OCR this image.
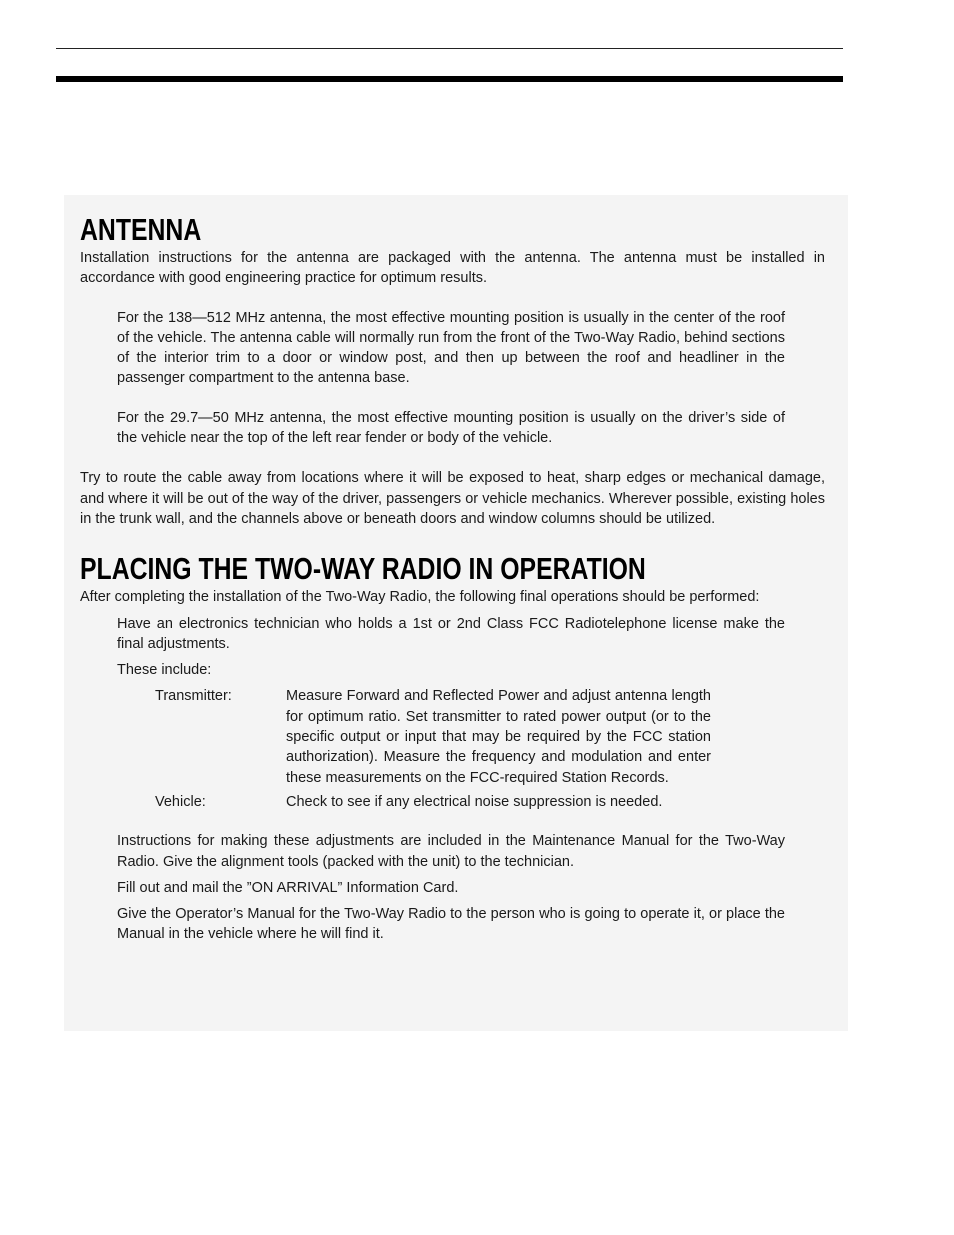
ANTENNA

Installation instructions for the antenna are packaged with the antenna. The antenna must be installed in accordance with good engineering practice for optimum results.

For the 138—512 MHz antenna, the most effective mounting position is usually in the center of the roof of the vehicle. The antenna cable will normally run from the front of the Two-Way Radio, behind sections of the interior trim to a door or window post, and then up between the roof and headliner in the passenger compartment to the antenna base.

For the 29.7—50 MHz antenna, the most effective mounting position is usually on the driver’s side of the vehicle near the top of the left rear fender or body of the vehicle.

Try to route the cable away from locations where it will be exposed to heat, sharp edges or mechanical damage, and where it will be out of the way of the driver, passengers or vehicle mechanics. Wherever possible, existing holes in the trunk wall, and the channels above or beneath doors and window columns should be utilized.

PLACING THE TWO-WAY RADIO IN OPERATION

After completing the installation of the Two-Way Radio, the following final operations should be performed:

Have an electronics technician who holds a 1st or 2nd Class FCC Radiotelephone license make the final adjustments.

These include:

Transmitter:	Measure Forward and Reflected Power and adjust antenna length for optimum ratio. Set transmitter to rated power output (or to the specific output or input that may be required by the FCC station authorization). Measure the frequency and modulation and enter these measurements on the FCC-required Station Records.
Vehicle:	Check to see if any electrical noise suppression is needed.

Instructions for making these adjustments are included in the Maintenance Manual for the Two-Way Radio. Give the alignment tools (packed with the unit) to the technician.

Fill out and mail the ”ON ARRIVAL” Information Card.

Give the Operator’s Manual for the Two-Way Radio to the person who is going to operate it, or place the Manual in the vehicle where he will find it.
